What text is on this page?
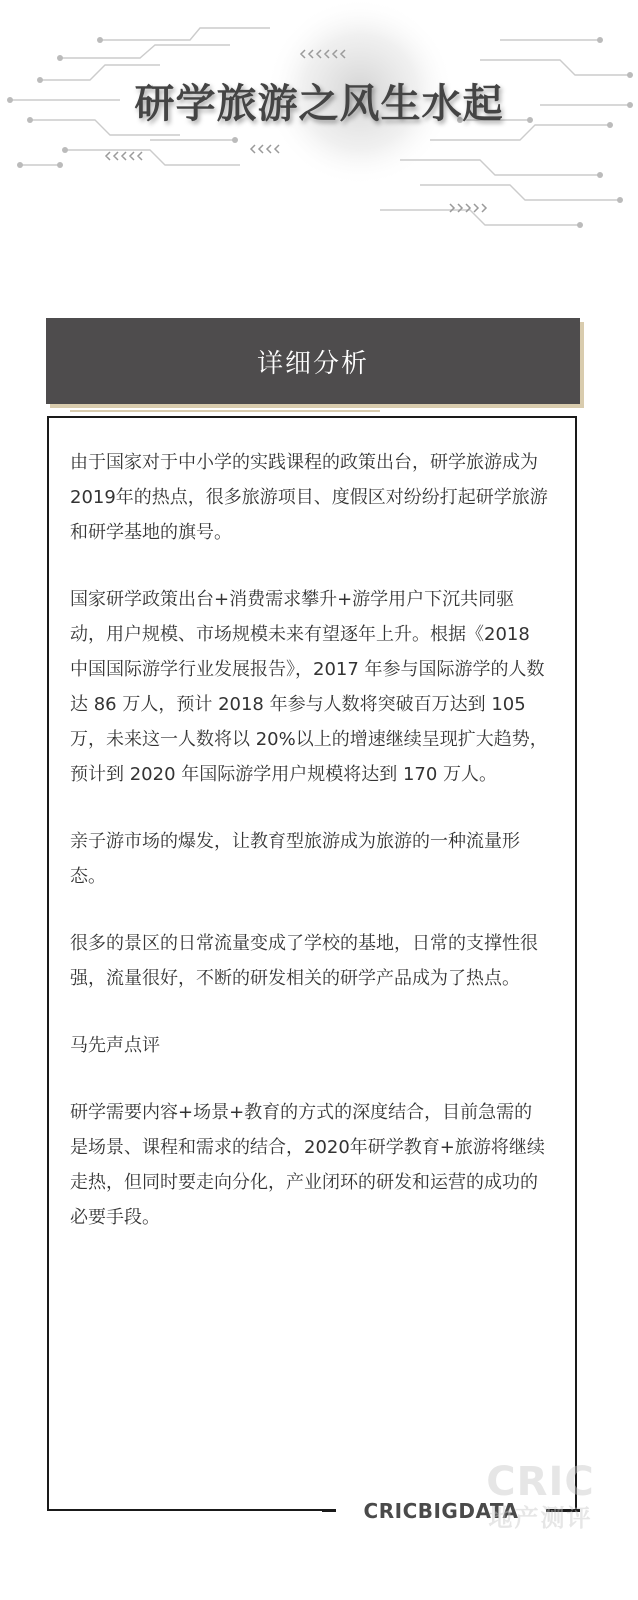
研学旅游之风生水起
详细分析

由于国家对于中小学的实践课程的政策出台，研学旅游成为2019年的热点，很多旅游项目、度假区对纷纷打起研学旅游和研学基地的旗号。

国家研学政策出台+消费需求攀升+游学用户下沉共同驱动，用户规模、市场规模未来有望逐年上升。根据《2018 中国国际游学行业发展报告》，2017 年参与国际游学的人数达 86 万人，预计 2018 年参与人数将突破百万达到 105 万，未来这一人数将以 20%以上的增速继续呈现扩大趋势，预计到 2020 年国际游学用户规模将达到 170 万人。

亲子游市场的爆发，让教育型旅游成为旅游的一种流量形态。

很多的景区的日常流量变成了学校的基地，日常的支撑性很强，流量很好，不断的研发相关的研学产品成为了热点。

马先声点评

研学需要内容+场景+教育的方式的深度结合，目前急需的是场景、课程和需求的结合，2020年研学教育+旅游将继续走热，但同时要走向分化，产业闭环的研发和运营的成功的必要手段。

CRICBIGDATA
CRIC
地产测评
